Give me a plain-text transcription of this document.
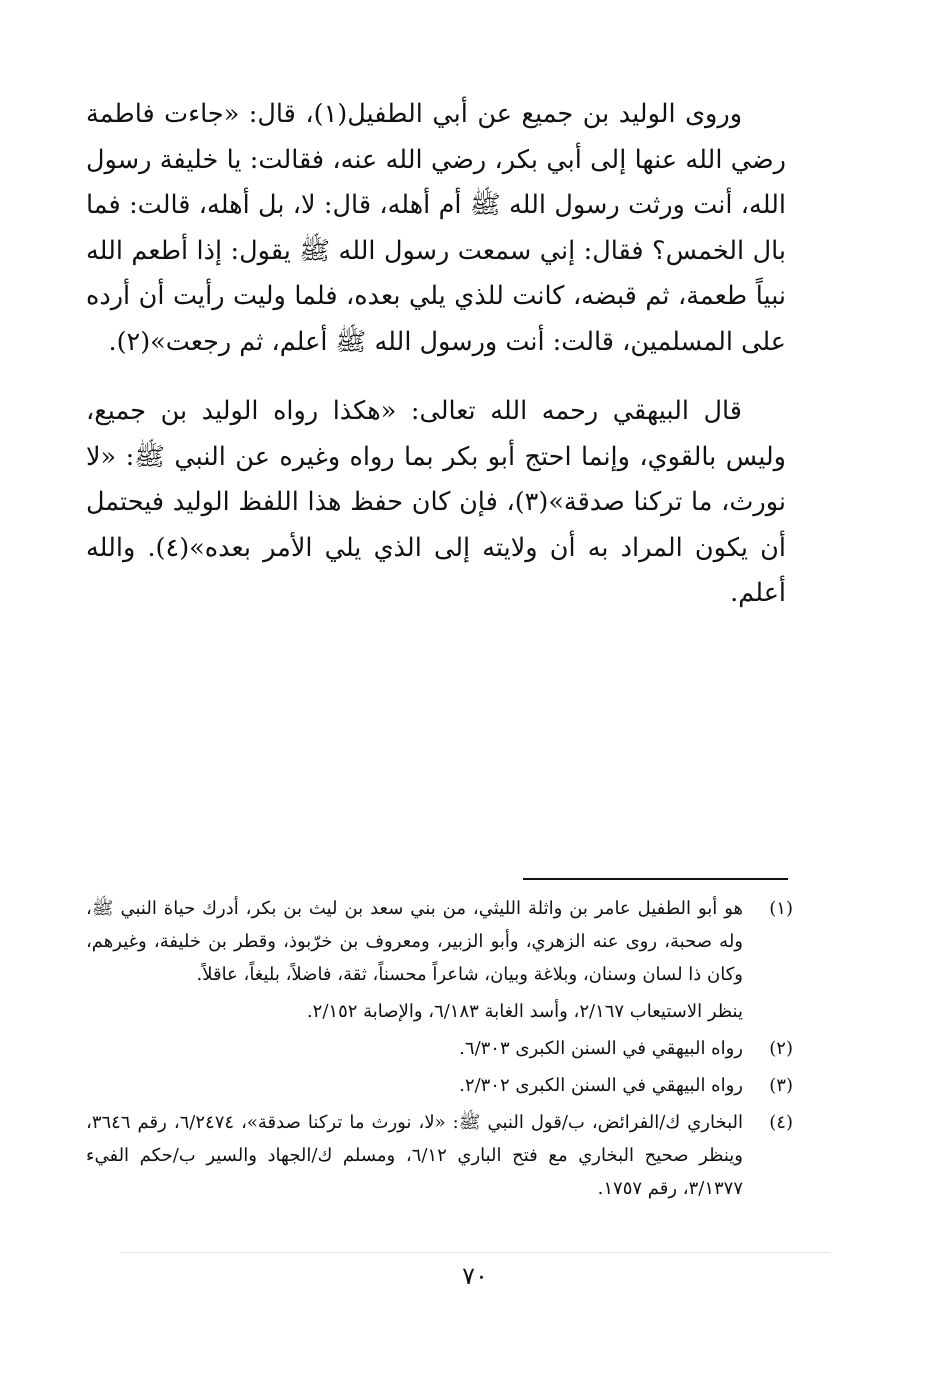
وروى الوليد بن جميع عن أبي الطفيل(١)، قال: «جاءت فاطمة رضي الله عنها إلى أبي بكر، رضي الله عنه، فقالت: يا خليفة رسول الله، أنت ورثت رسول الله ﷺ أم أهله، قال: لا، بل أهله، قالت: فما بال الخمس؟ فقال: إني سمعت رسول الله ﷺ يقول: إذا أطعم الله نبياً طعمة، ثم قبضه، كانت للذي يلي بعده، فلما وليت رأيت أن أرده على المسلمين، قالت: أنت ورسول الله ﷺ أعلم، ثم رجعت»(٢).

قال البيهقي رحمه الله تعالى: «هكذا رواه الوليد بن جميع، وليس بالقوي، وإنما احتج أبو بكر بما رواه وغيره عن النبي ﷺ: «لا نورث، ما تركنا صدقة»(٣)، فإن كان حفظ هذا اللفظ الوليد فيحتمل أن يكون المراد به أن ولايته إلى الذي يلي الأمر بعده»(٤). والله أعلم.

(١)
هو أبو الطفيل عامر بن واثلة الليثي، من بني سعد بن ليث بن بكر، أدرك حياة النبي ﷺ، وله صحبة، روى عنه الزهري، وأبو الزبير، ومعروف بن خرّبوذ، وقطر بن خليفة، وغيرهم، وكان ذا لسان وسنان، وبلاغة وبيان، شاعراً محسناً، ثقة، فاضلاً، بليغاً، عاقلاً.
ينظر الاستيعاب ٢/١٦٧، وأسد الغابة ٦/١٨٣، والإصابة ٢/١٥٢.
(٢)
رواه البيهقي في السنن الكبرى ٦/٣٠٣.
(٣)
رواه البيهقي في السنن الكبرى ٢/٣٠٢.
(٤)
البخاري ك/الفرائض، ب/قول النبي ﷺ: «لا، نورث ما تركنا صدقة»، ٦/٢٤٧٤، رقم ٣٦٤٦، وينظر صحيح البخاري مع فتح الباري ٦/١٢، ومسلم ك/الجهاد والسير ب/حكم الفيء ٣/١٣٧٧، رقم ١٧٥٧.
٧٠
